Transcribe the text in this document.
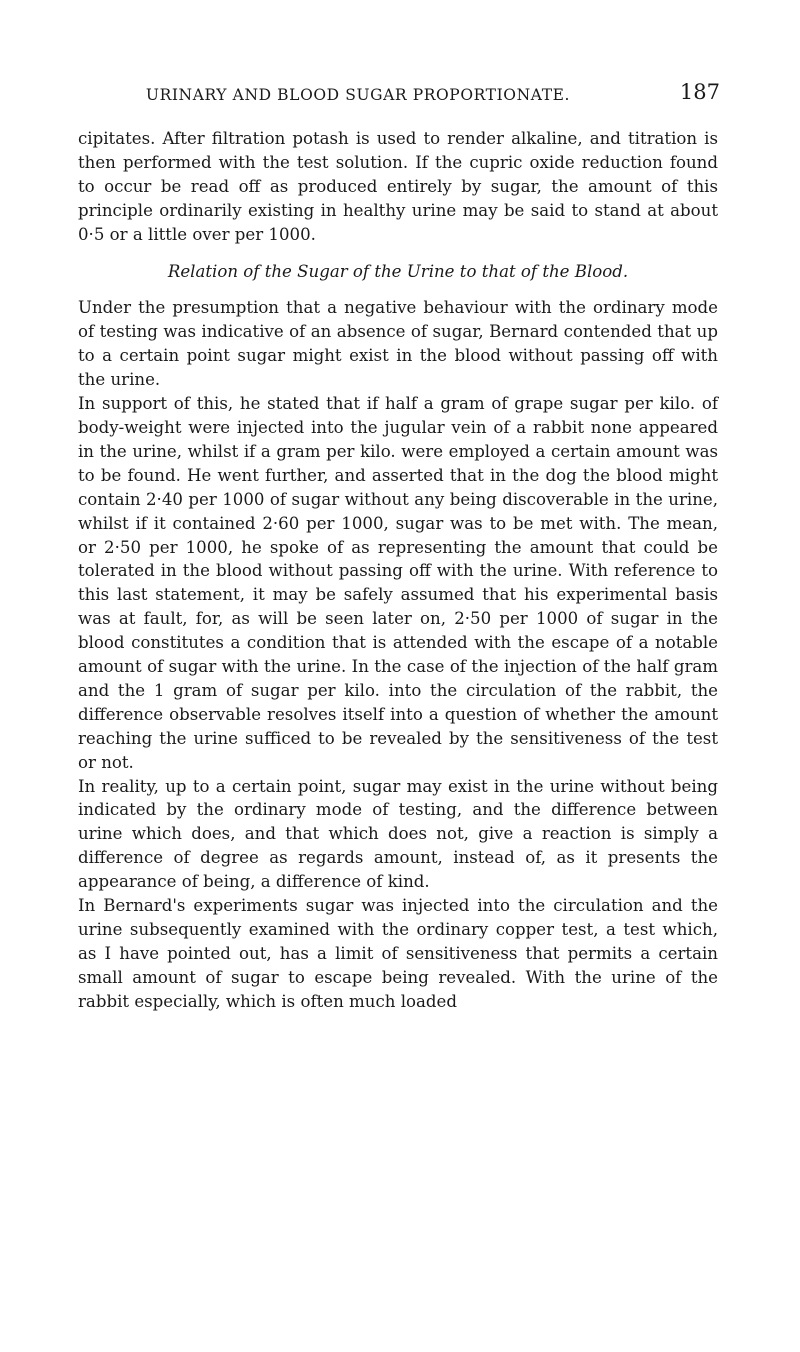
URINARY AND BLOOD SUGAR PROPORTIONATE.	187

cipitates. After filtration potash is used to render alkaline, and titration is then performed with the test solution. If the cupric oxide reduction found to occur be read off as produced entirely by sugar, the amount of this principle ordinarily existing in healthy urine may be said to stand at about 0·5 or a little over per 1000.

Relation of the Sugar of the Urine to that of the Blood.

Under the presumption that a negative behaviour with the ordinary mode of testing was indicative of an absence of sugar, Bernard contended that up to a certain point sugar might exist in the blood without passing off with the urine.

In support of this, he stated that if half a gram of grape sugar per kilo. of body-weight were injected into the jugular vein of a rabbit none appeared in the urine, whilst if a gram per kilo. were employed a certain amount was to be found. He went further, and asserted that in the dog the blood might contain 2·40 per 1000 of sugar without any being discoverable in the urine, whilst if it contained 2·60 per 1000, sugar was to be met with. The mean, or 2·50 per 1000, he spoke of as representing the amount that could be tolerated in the blood without passing off with the urine. With reference to this last statement, it may be safely assumed that his experimental basis was at fault, for, as will be seen later on, 2·50 per 1000 of sugar in the blood constitutes a condition that is attended with the escape of a notable amount of sugar with the urine. In the case of the injection of the half gram and the 1 gram of sugar per kilo. into the circulation of the rabbit, the difference observable resolves itself into a question of whether the amount reaching the urine sufficed to be revealed by the sensitiveness of the test or not.

In reality, up to a certain point, sugar may exist in the urine without being indicated by the ordinary mode of testing, and the difference between urine which does, and that which does not, give a reaction is simply a difference of degree as regards amount, instead of, as it presents the appearance of being, a difference of kind.

In Bernard's experiments sugar was injected into the circulation and the urine subsequently examined with the ordinary copper test, a test which, as I have pointed out, has a limit of sensitiveness that permits a certain small amount of sugar to escape being revealed. With the urine of the rabbit especially, which is often much loaded
